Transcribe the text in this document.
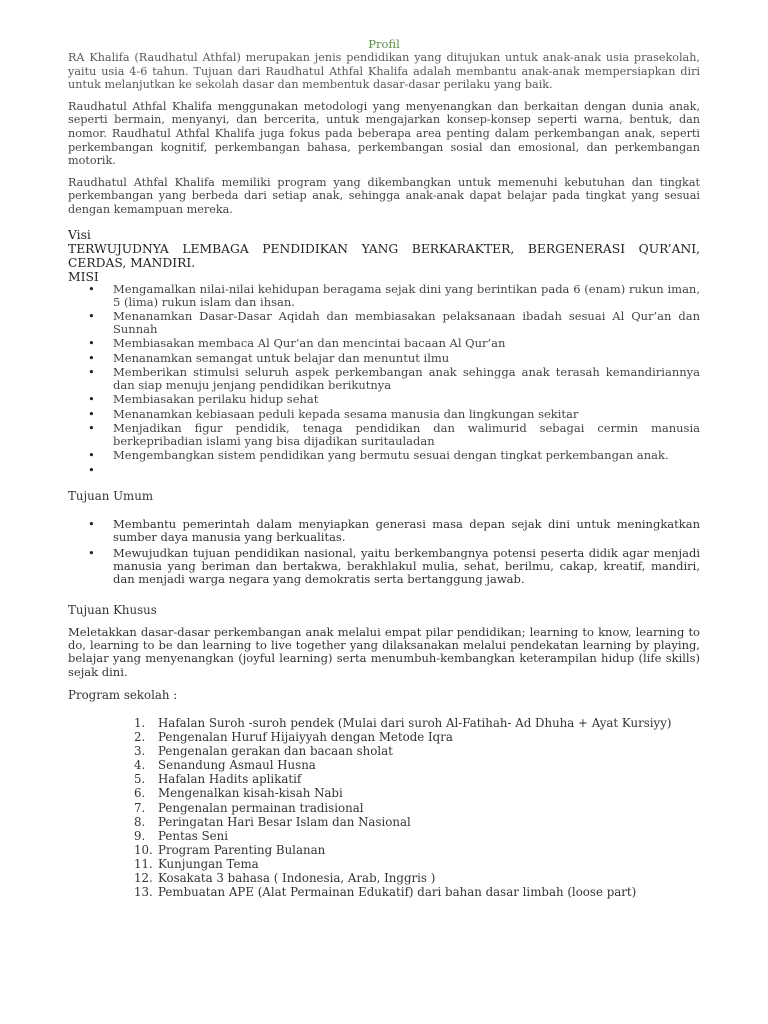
Profil

RA Khalifa (Raudhatul Athfal) merupakan jenis pendidikan yang ditujukan untuk anak-anak usia prasekolah, yaitu usia 4-6 tahun. Tujuan dari Raudhatul Athfal Khalifa adalah membantu anak-anak mempersiapkan diri untuk melanjutkan ke sekolah dasar dan membentuk dasar-dasar perilaku yang baik.

Raudhatul Athfal Khalifa menggunakan metodologi yang menyenangkan dan berkaitan dengan dunia anak, seperti bermain, menyanyi, dan bercerita, untuk mengajarkan konsep-konsep seperti warna, bentuk, dan nomor. Raudhatul Athfal Khalifa juga fokus pada beberapa area penting dalam perkembangan anak, seperti perkembangan kognitif, perkembangan bahasa, perkembangan sosial dan emosional, dan perkembangan motorik.

Raudhatul Athfal Khalifa memiliki program yang dikembangkan untuk memenuhi kebutuhan dan tingkat perkembangan yang berbeda dari setiap anak, sehingga anak-anak dapat belajar pada tingkat yang sesuai dengan kemampuan mereka.

Visi
TERWUJUDNYA LEMBAGA PENDIDIKAN YANG BERKARAKTER, BERGENERASI QUR’ANI, CERDAS, MANDIRI.
MISI
• Mengamalkan nilai-nilai kehidupan beragama sejak dini yang berintikan pada 6 (enam) rukun iman, 5 (lima) rukun islam dan ihsan.
• Menanamkan Dasar-Dasar Aqidah dan membiasakan pelaksanaan ibadah sesuai Al Qur’an dan Sunnah
• Membiasakan membaca Al Qur’an dan mencintai bacaan Al Qur’an
• Menanamkan semangat untuk belajar dan menuntut ilmu
• Memberikan stimulsi seluruh aspek perkembangan anak sehingga anak terasah kemandiriannya dan siap menuju jenjang pendidikan berikutnya
• Membiasakan perilaku hidup sehat
• Menanamkan kebiasaan peduli kepada sesama manusia dan lingkungan sekitar
• Menjadikan figur pendidik, tenaga pendidikan dan walimurid sebagai cermin manusia berkepribadian islami yang bisa dijadikan suritauladan
• Mengembangkan sistem pendidikan yang bermutu sesuai dengan tingkat perkembangan anak.
•

Tujuan Umum
• Membantu pemerintah dalam menyiapkan generasi masa depan sejak dini untuk meningkatkan sumber daya manusia yang berkualitas.
• Mewujudkan tujuan pendidikan nasional, yaitu berkembangnya potensi peserta didik agar menjadi manusia yang beriman dan bertakwa, berakhlakul mulia, sehat, berilmu, cakap, kreatif, mandiri, dan menjadi warga negara yang demokratis serta bertanggung jawab.
Tujuan Khusus
Meletakkan dasar-dasar perkembangan anak melalui empat pilar pendidikan; learning to know, learning to do, learning to be dan learning to live together yang dilaksanakan melalui pendekatan learning by playing, belajar yang menyenangkan (joyful learning) serta menumbuh-kembangkan keterampilan hidup (life skills) sejak dini.
Program sekolah :
1. Hafalan Suroh -suroh pendek (Mulai dari suroh Al-Fatihah- Ad Dhuha + Ayat Kursiyy)
2. Pengenalan Huruf Hijaiyyah dengan Metode Iqra
3. Pengenalan gerakan dan bacaan sholat
4. Senandung Asmaul Husna
5. Hafalan Hadits aplikatif
6. Mengenalkan kisah-kisah Nabi
7. Pengenalan permainan tradisional
8. Peringatan Hari Besar Islam dan Nasional
9. Pentas Seni
10. Program Parenting Bulanan
11. Kunjungan Tema
12. Kosakata 3 bahasa ( Indonesia, Arab, Inggris )
13. Pembuatan APE (Alat Permainan Edukatif) dari bahan dasar limbah (loose part)
